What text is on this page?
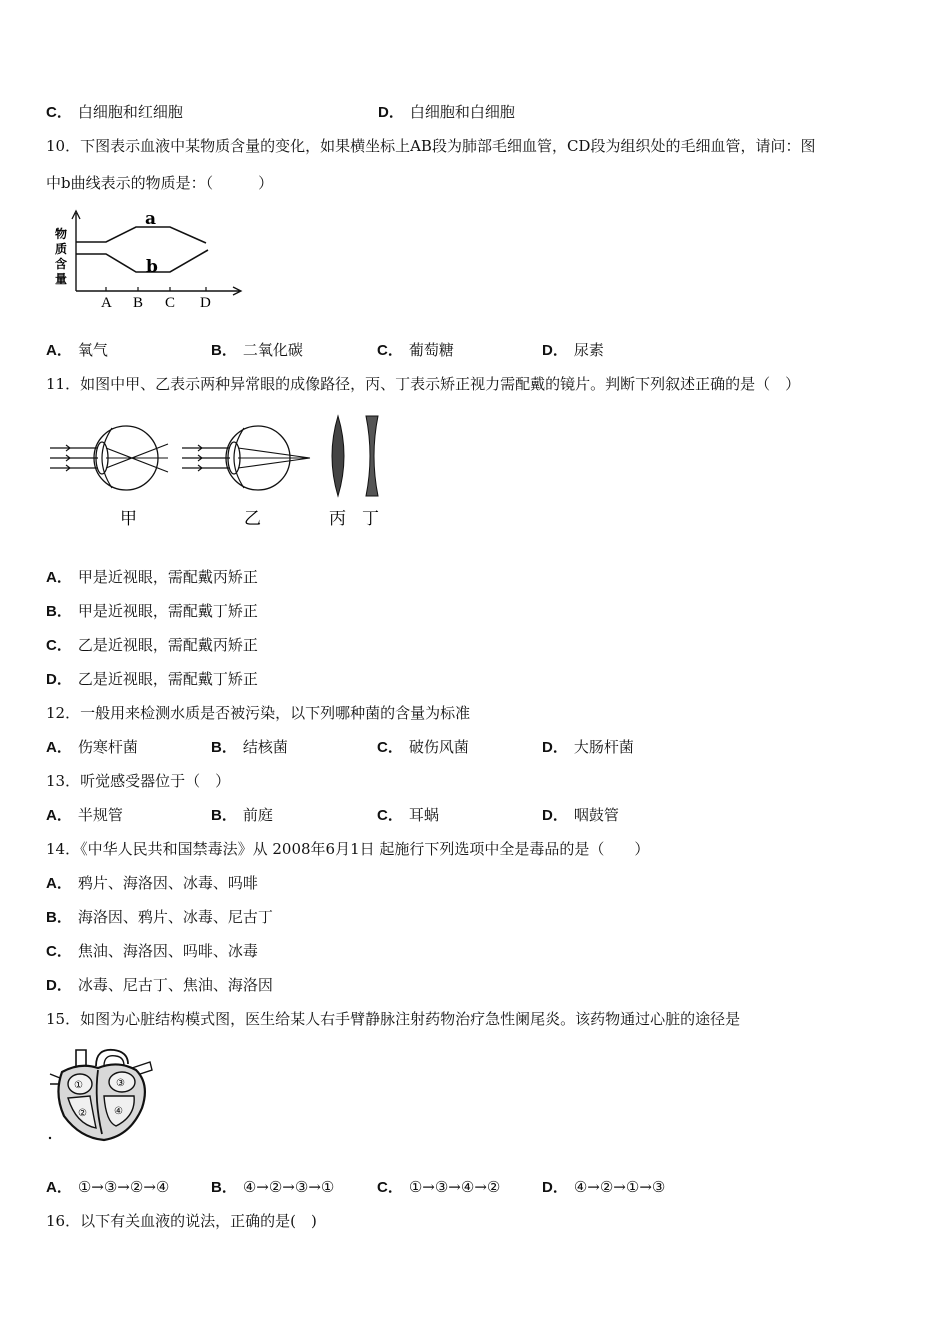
C． 白细胞和红细胞	D． 白细胞和白细胞
10．下图表示血液中某物质含量的变化，如果横坐标上AB段为肺部毛细血管，CD段为组织处的毛细血管，请问：图
中b曲线表示的物质是：（　　　）
物
质
含
量
a
b
A B C D
A． 氧气	B． 二氧化碳	C． 葡萄糖	D． 尿素
11．如图中甲、乙表示两种异常眼的成像路径，丙、丁表示矫正视力需配戴的镜片。判断下列叙述正确的是（　）
甲	乙	丙 丁
A． 甲是近视眼，需配戴丙矫正
B． 甲是近视眼，需配戴丁矫正
C． 乙是近视眼，需配戴丙矫正
D． 乙是近视眼，需配戴丁矫正
12．一般用来检测水质是否被污染，以下列哪种菌的含量为标准
A． 伤寒杆菌	B． 结核菌	C． 破伤风菌	D． 大肠杆菌
13．听觉感受器位于（　）
A． 半规管	B． 前庭	C． 耳蜗	D． 咽鼓管
14．《中华人民共和国禁毒法》从 2008年6月1日 起施行下列选项中全是毒品的是（　　）
A． 鸦片、海洛因、冰毒、吗啡
B． 海洛因、鸦片、冰毒、尼古丁
C． 焦油、海洛因、吗啡、冰毒
D． 冰毒、尼古丁、焦油、海洛因
15．如图为心脏结构模式图，医生给某人右手臂静脉注射药物治疗急性阑尾炎。该药物通过心脏的途径是
①	③
②	④
A． ①→③→②→④	B． ④→②→③→①	C． ①→③→④→②	D． ④→②→①→③
16．以下有关血液的说法，正确的是(　)
